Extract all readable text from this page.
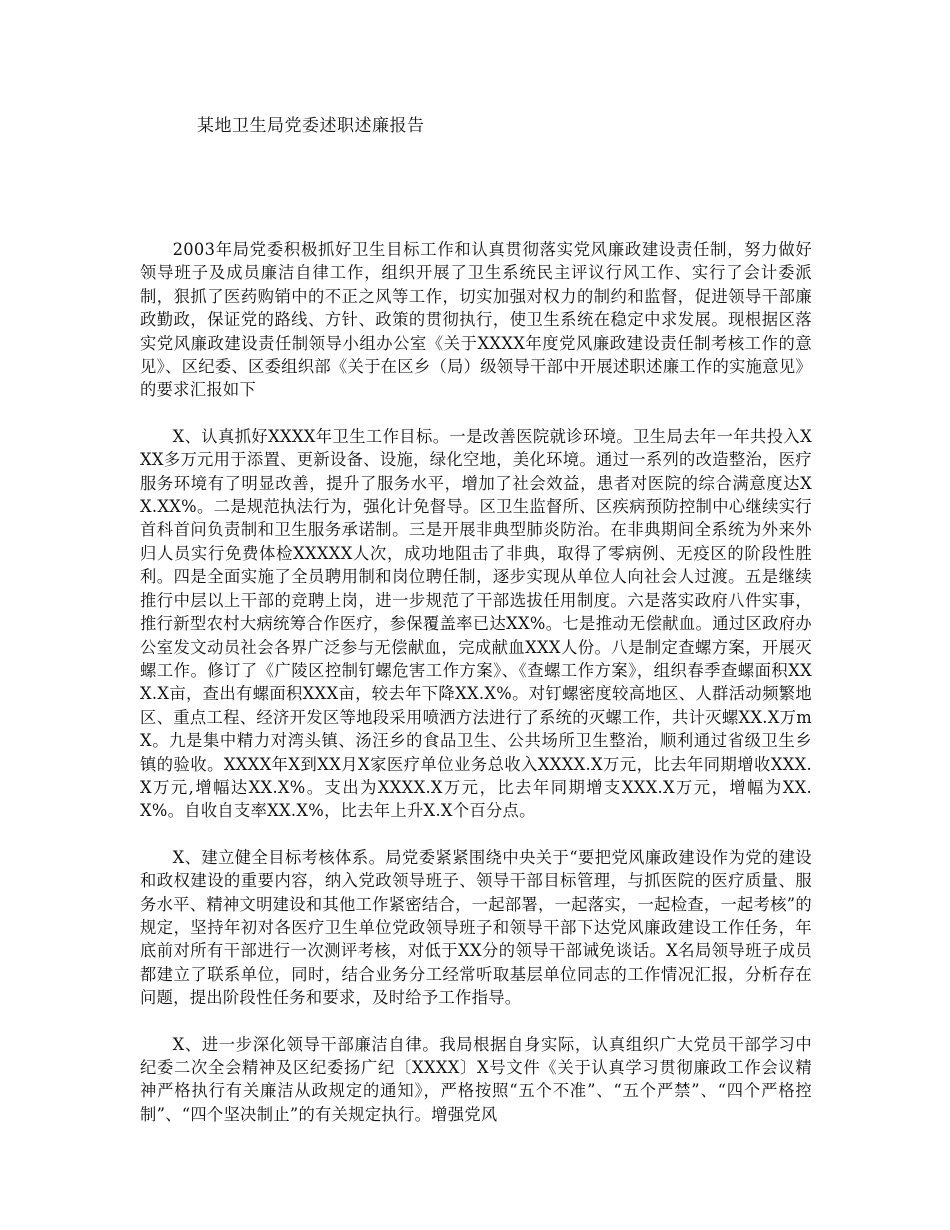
某地卫生局党委述职述廉报告

2003年局党委积极抓好卫生目标工作和认真贯彻落实党风廉政建设责任制，努力做好领导班子及成员廉洁自律工作，组织开展了卫生系统民主评议行风工作、实行了会计委派制，狠抓了医药购销中的不正之风等工作，切实加强对权力的制约和监督，促进领导干部廉政勤政，保证党的路线、方针、政策的贯彻执行，使卫生系统在稳定中求发展。现根据区落实党风廉政建设责任制领导小组办公室《关于XXXX年度党风廉政建设责任制考核工作的意见》、区纪委、区委组织部《关于在区乡（局）级领导干部中开展述职述廉工作的实施意见》的要求汇报如下

X、认真抓好XXXX年卫生工作目标。一是改善医院就诊环境。卫生局去年一年共投入XXX多万元用于添置、更新设备、设施，绿化空地，美化环境。通过一系列的改造整治，医疗服务环境有了明显改善，提升了服务水平，增加了社会效益，患者对医院的综合满意度达XX.XX%。二是规范执法行为，强化计免督导。区卫生监督所、区疾病预防控制中心继续实行首科首问负责制和卫生服务承诺制。三是开展非典型肺炎防治。在非典期间全系统为外来外归人员实行免费体检XXXXX人次，成功地阻击了非典，取得了零病例、无疫区的阶段性胜利。四是全面实施了全员聘用制和岗位聘任制，逐步实现从单位人向社会人过渡。五是继续推行中层以上干部的竞聘上岗，进一步规范了干部选拔任用制度。六是落实政府八件实事，推行新型农村大病统筹合作医疗，参保覆盖率已达XX%。七是推动无偿献血。通过区政府办公室发文动员社会各界广泛参与无偿献血，完成献血XXX人份。八是制定查螺方案，开展灭螺工作。修订了《广陵区控制钉螺危害工作方案》、《查螺工作方案》，组织春季查螺面积XXX.X亩，查出有螺面积XXX亩，较去年下降XX.X%。对钉螺密度较高地区、人群活动频繁地区、重点工程、经济开发区等地段采用喷洒方法进行了系统的灭螺工作，共计灭螺XX.X万m X。九是集中精力对湾头镇、汤汪乡的食品卫生、公共场所卫生整治，顺利通过省级卫生乡镇的验收。XXXX年X到XX月X家医疗单位业务总收入XXXX.X万元，比去年同期增收XXX.X万元,增幅达XX.X%。支出为XXXX.X万元，比去年同期增支XXX.X万元，增幅为XX.X%。自收自支率XX.X%，比去年上升X.X个百分点。

X、建立健全目标考核体系。局党委紧紧围绕中央关于“要把党风廉政建设作为党的建设和政权建设的重要内容，纳入党政领导班子、领导干部目标管理，与抓医院的医疗质量、服务水平、精神文明建设和其他工作紧密结合，一起部署，一起落实，一起检查，一起考核”的规定，坚持年初对各医疗卫生单位党政领导班子和领导干部下达党风廉政建设工作任务，年底前对所有干部进行一次测评考核，对低于XX分的领导干部诫免谈话。X名局领导班子成员都建立了联系单位，同时，结合业务分工经常听取基层单位同志的工作情况汇报，分析存在问题，提出阶段性任务和要求，及时给予工作指导。

X、进一步深化领导干部廉洁自律。我局根据自身实际，认真组织广大党员干部学习中纪委二次全会精神及区纪委扬广纪〔XXXX〕X号文件《关于认真学习贯彻廉政工作会议精神严格执行有关廉洁从政规定的通知》，严格按照“五个不准”、“五个严禁”、“四个严格控制”、“四个坚决制止”的有关规定执行。增强党风
